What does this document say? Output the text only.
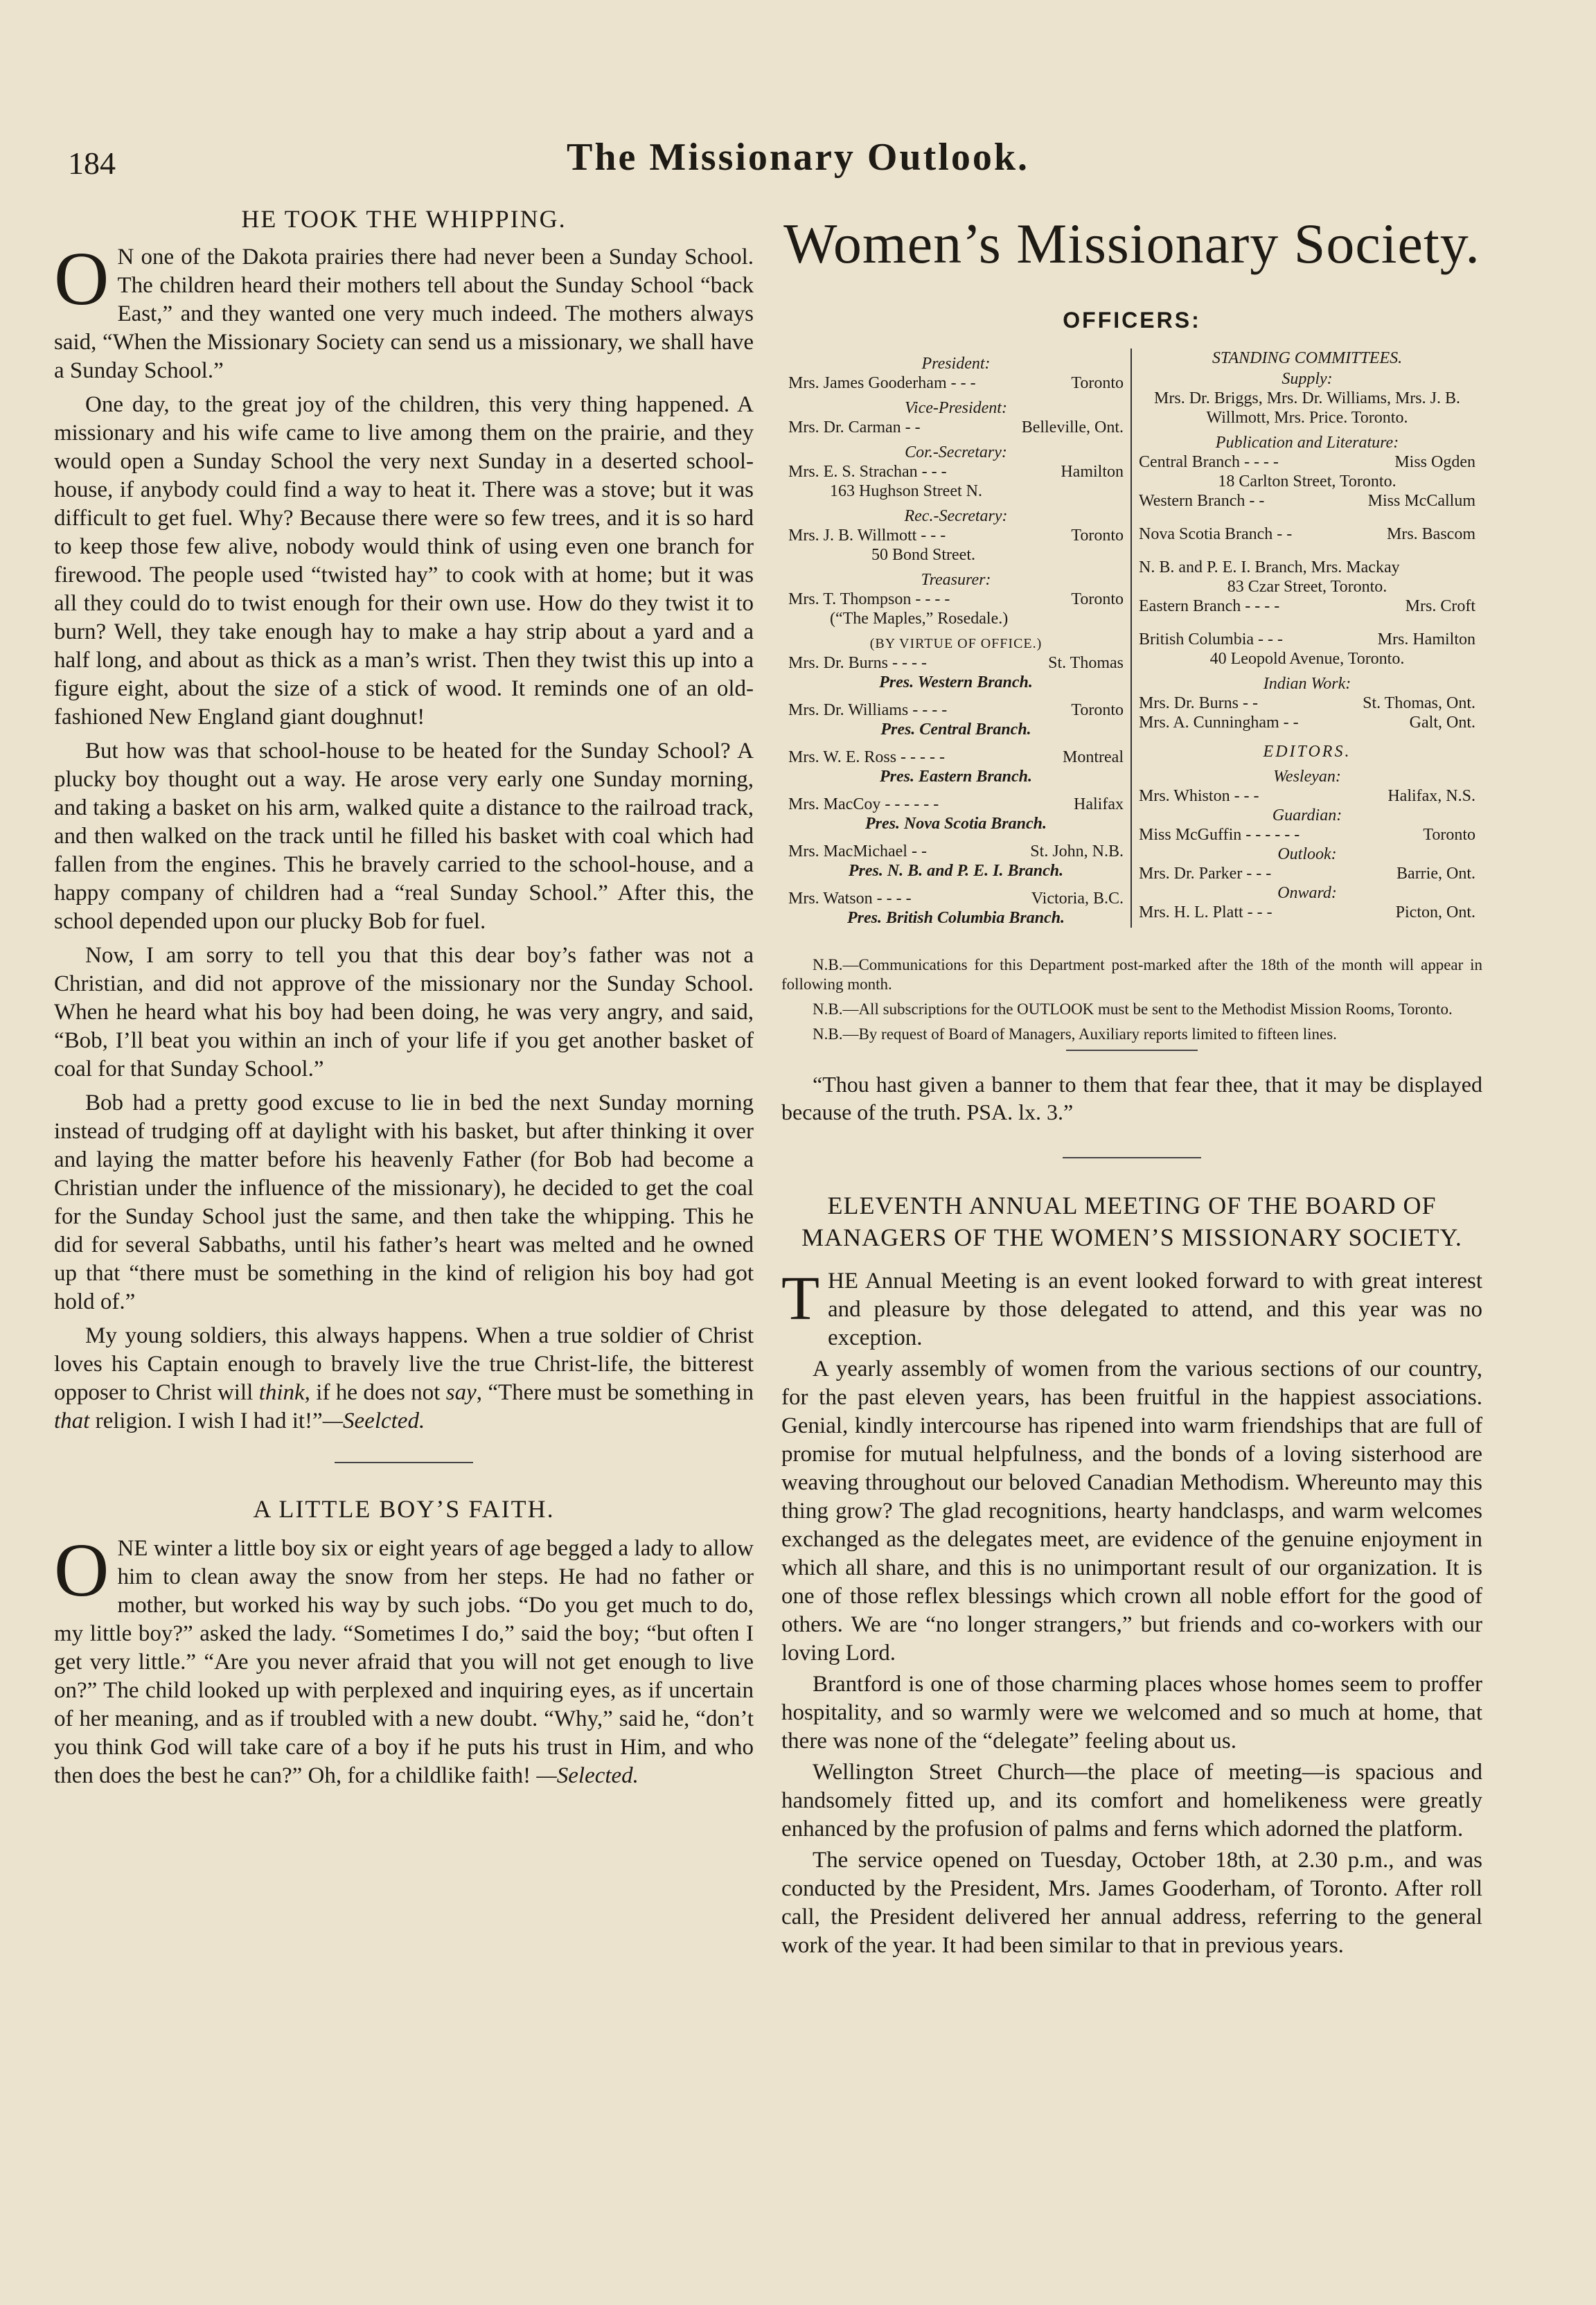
184	The Missionary Outlook.
HE TOOK THE WHIPPING.

O N one of the Dakota prairies there had never been a Sunday School. The children heard their mothers tell about the Sunday School “back East,” and they wanted one very much indeed. The mothers always said, “When the Missionary Society can send us a missionary, we shall have a Sunday School.”

One day, to the great joy of the children, this very thing happened. A missionary and his wife came to live among them on the prairie, and they would open a Sunday School the very next Sunday in a deserted school-house, if anybody could find a way to heat it. There was a stove; but it was difficult to get fuel. Why? Because there were so few trees, and it is so hard to keep those few alive, nobody would think of using even one branch for firewood. The people used “twisted hay” to cook with at home; but it was all they could do to twist enough for their own use. How do they twist it to burn? Well, they take enough hay to make a hay strip about a yard and a half long, and about as thick as a man’s wrist. Then they twist this up into a figure eight, about the size of a stick of wood. It reminds one of an old-fashioned New England giant doughnut!

But how was that school-house to be heated for the Sunday School? A plucky boy thought out a way. He arose very early one Sunday morning, and taking a basket on his arm, walked quite a distance to the railroad track, and then walked on the track until he filled his basket with coal which had fallen from the engines. This he bravely carried to the school-house, and a happy company of children had a “real Sunday School.” After this, the school depended upon our plucky Bob for fuel.

Now, I am sorry to tell you that this dear boy’s father was not a Christian, and did not approve of the missionary nor the Sunday School. When he heard what his boy had been doing, he was very angry, and said, “Bob, I’ll beat you within an inch of your life if you get another basket of coal for that Sunday School.”

Bob had a pretty good excuse to lie in bed the next Sunday morning instead of trudging off at daylight with his basket, but after thinking it over and laying the matter before his heavenly Father (for Bob had become a Christian under the influence of the missionary), he decided to get the coal for the Sunday School just the same, and then take the whipping. This he did for several Sabbaths, until his father’s heart was melted and he owned up that “there must be something in the kind of religion his boy had got hold of.”

My young soldiers, this always happens. When a true soldier of Christ loves his Captain enough to bravely live the true Christ-life, the bitterest opposer to Christ will think, if he does not say, “There must be something in that religion. I wish I had it!”—Seelcted.

A LITTLE BOY’S FAITH.

ONE winter a little boy six or eight years of age begged a lady to allow him to clean away the snow from her steps. He had no father or mother, but worked his way by such jobs. “Do you get much to do, my little boy?” asked the lady. “Sometimes I do,” said the boy; “but often I get very little.” “Are you never afraid that you will not get enough to live on?” The child looked up with perplexed and inquiring eyes, as if uncertain of her meaning, and as if troubled with a new doubt. “Why,” said he, “don’t you think God will take care of a boy if he puts his trust in Him, and who then does the best he can?” Oh, for a childlike faith! —Selected.

Women’s Missionary Society.
OFFICERS:
President:
Mrs. James Gooderham - - -	Toronto
Vice-President:
Mrs. Dr. Carman - -	Belleville, Ont.
Cor.-Secretary:
Mrs. E. S. Strachan - - -	Hamilton
163 Hughson Street N.
Rec.-Secretary:
Mrs. J. B. Willmott - - -	Toronto
50 Bond Street.
Treasurer:
Mrs. T. Thompson - - - -	Toronto
(“The Maples,” Rosedale.)
(BY VIRTUE OF OFFICE.)
Mrs. Dr. Burns - - - -	St. Thomas
Pres. Western Branch.
Mrs. Dr. Williams - - - -	Toronto
Pres. Central Branch.
Mrs. W. E. Ross - - - - -	Montreal
Pres. Eastern Branch.
Mrs. MacCoy - - - - - -	Halifax
Pres. Nova Scotia Branch.
Mrs. MacMichael - -	St. John, N.B.
Pres. N. B. and P. E. I. Branch.
Mrs. Watson - - - -	Victoria, B.C.
Pres. British Columbia Branch.
STANDING COMMITTEES.
Supply:
Mrs. Dr. Briggs, Mrs. Dr. Williams, Mrs. J. B. Willmott, Mrs. Price. Toronto.
Publication and Literature:
Central Branch - - - -	Miss Ogden
18 Carlton Street, Toronto.
Western Branch - -	Miss McCallum
Nova Scotia Branch - -	Mrs. Bascom
N. B. and P. E. I. Branch, Mrs. Mackay
83 Czar Street, Toronto.
Eastern Branch - - - -	Mrs. Croft
British Columbia - - -	Mrs. Hamilton
40 Leopold Avenue, Toronto.
Indian Work:
Mrs. Dr. Burns - -	St. Thomas, Ont.
Mrs. A. Cunningham - -	Galt, Ont.
EDITORS.
Wesleyan:
Mrs. Whiston - - -	Halifax, N.S.
Guardian:
Miss McGuffin - - - - - -	Toronto
Outlook:
Mrs. Dr. Parker - - -	Barrie, Ont.
Onward:
Mrs. H. L. Platt - - -	Picton, Ont.
N.B.—Communications for this Department post-marked after the 18th of the month will appear in following month.
N.B.—All subscriptions for the OUTLOOK must be sent to the Methodist Mission Rooms, Toronto.
N.B.—By request of Board of Managers, Auxiliary reports limited to fifteen lines.
“Thou hast given a banner to them that fear thee, that it may be displayed because of the truth. PSA. lx. 3.”
ELEVENTH ANNUAL MEETING OF THE BOARD OF MANAGERS OF THE WOMEN’S MISSIONARY SOCIETY.

THE Annual Meeting is an event looked forward to with great interest and pleasure by those delegated to attend, and this year was no exception.

A yearly assembly of women from the various sections of our country, for the past eleven years, has been fruitful in the happiest associations. Genial, kindly intercourse has ripened into warm friendships that are full of promise for mutual helpfulness, and the bonds of a loving sisterhood are weaving throughout our beloved Canadian Methodism. Whereunto may this thing grow? The glad recognitions, hearty handclasps, and warm welcomes exchanged as the delegates meet, are evidence of the genuine enjoyment in which all share, and this is no unimportant result of our organization. It is one of those reflex blessings which crown all noble effort for the good of others. We are “no longer strangers,” but friends and co-workers with our loving Lord.

Brantford is one of those charming places whose homes seem to proffer hospitality, and so warmly were we welcomed and so much at home, that there was none of the “delegate” feeling about us.

Wellington Street Church—the place of meeting—is spacious and handsomely fitted up, and its comfort and homelikeness were greatly enhanced by the profusion of palms and ferns which adorned the platform.

The service opened on Tuesday, October 18th, at 2.30 p.m., and was conducted by the President, Mrs. James Gooderham, of Toronto. After roll call, the President delivered her annual address, referring to the general work of the year. It had been similar to that in previous years.
